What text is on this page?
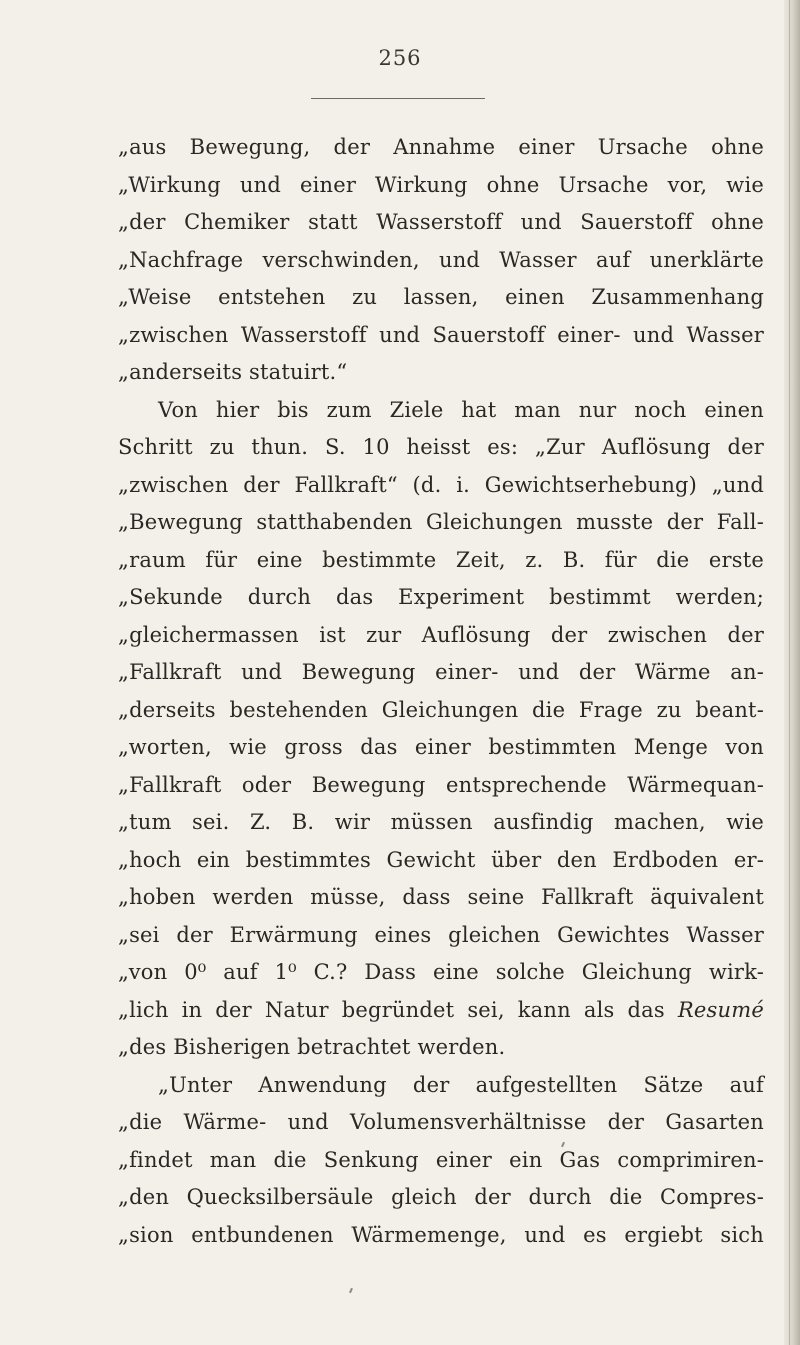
256
„aus Bewegung, der Annahme einer Ursache ohne
„Wirkung und einer Wirkung ohne Ursache vor, wie
„der Chemiker statt Wasserstoff und Sauerstoff ohne
„Nachfrage verschwinden, und Wasser auf unerklärte
„Weise entstehen zu lassen, einen Zusammenhang
„zwischen Wasserstoff und Sauerstoff einer- und Wasser
„anderseits statuirt.“
Von hier bis zum Ziele hat man nur noch einen
Schritt zu thun. S. 10 heisst es: „Zur Auflösung der
„zwischen der Fallkraft“ (d. i. Gewichtserhebung) „und
„Bewegung statthabenden Gleichungen musste der Fall-
„raum für eine bestimmte Zeit, z. B. für die erste
„Sekunde durch das Experiment bestimmt werden;
„gleichermassen ist zur Auflösung der zwischen der
„Fallkraft und Bewegung einer- und der Wärme an-
„derseits bestehenden Gleichungen die Frage zu beant-
„worten, wie gross das einer bestimmten Menge von
„Fallkraft oder Bewegung entsprechende Wärmequan-
„tum sei. Z. B. wir müssen ausfindig machen, wie
„hoch ein bestimmtes Gewicht über den Erdboden er-
„hoben werden müsse, dass seine Fallkraft äquivalent
„sei der Erwärmung eines gleichen Gewichtes Wasser
„von 0⁰ auf 1⁰ C.? Dass eine solche Gleichung wirk-
„lich in der Natur begründet sei, kann als das Resumé
„des Bisherigen betrachtet werden.
„Unter Anwendung der aufgestellten Sätze auf
„die Wärme- und Volumensverhältnisse der Gasarten
„findet man die Senkung einer ein Gas comprimiren-
„den Quecksilbersäule gleich der durch die Compres-
„sion entbundenen Wärmemenge, und es ergiebt sich
